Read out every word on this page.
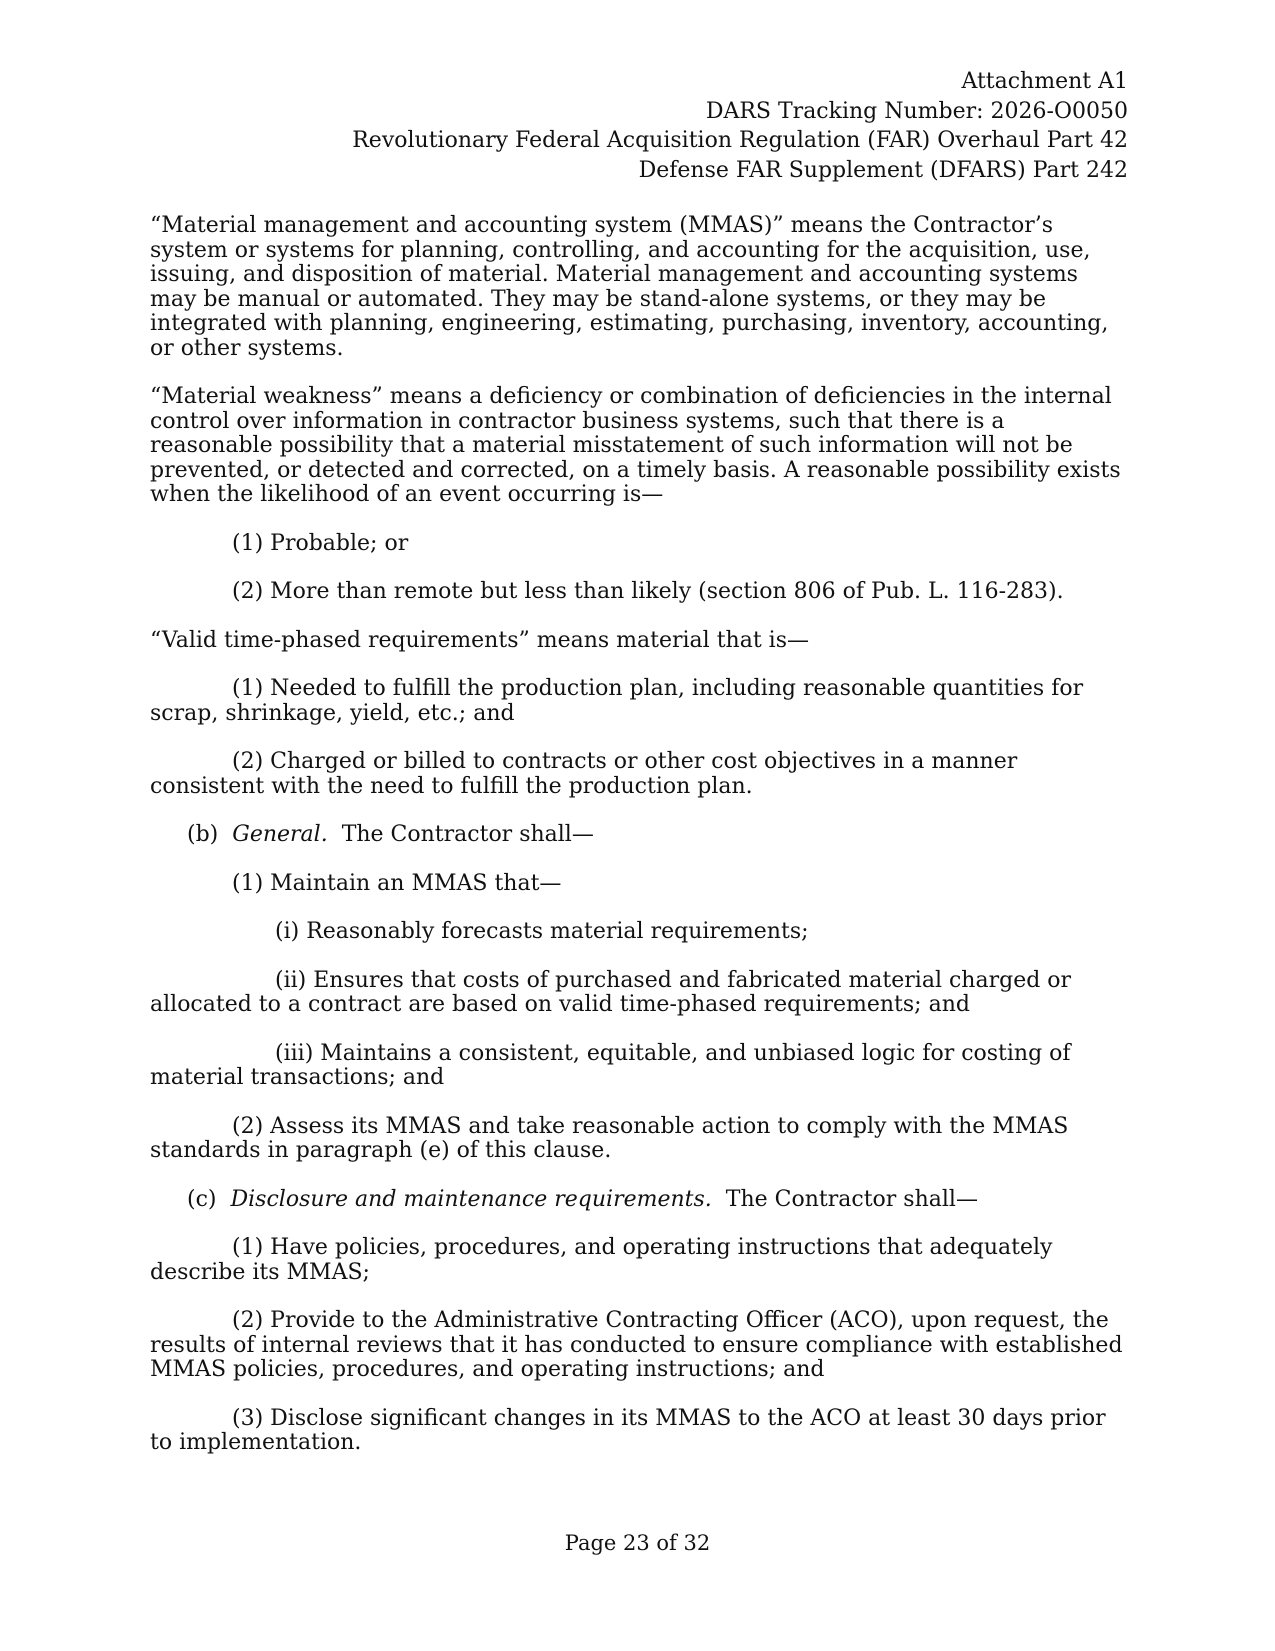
Attachment A1
DARS Tracking Number: 2026-O0050
Revolutionary Federal Acquisition Regulation (FAR) Overhaul Part 42
Defense FAR Supplement (DFARS) Part 242

“Material management and accounting system (MMAS)” means the Contractor’s system or systems for planning, controlling, and accounting for the acquisition, use, issuing, and disposition of material. Material management and accounting systems may be manual or automated. They may be stand-alone systems, or they may be integrated with planning, engineering, estimating, purchasing, inventory, accounting, or other systems.

“Material weakness” means a deficiency or combination of deficiencies in the internal control over information in contractor business systems, such that there is a reasonable possibility that a material misstatement of such information will not be prevented, or detected and corrected, on a timely basis. A reasonable possibility exists when the likelihood of an event occurring is—

(1) Probable; or

(2) More than remote but less than likely (section 806 of Pub. L. 116-283).

“Valid time-phased requirements” means material that is—

(1) Needed to fulfill the production plan, including reasonable quantities for scrap, shrinkage, yield, etc.; and

(2) Charged or billed to contracts or other cost objectives in a manner consistent with the need to fulfill the production plan.

(b) General. The Contractor shall—

(1) Maintain an MMAS that—

(i) Reasonably forecasts material requirements;

(ii) Ensures that costs of purchased and fabricated material charged or allocated to a contract are based on valid time-phased requirements; and

(iii) Maintains a consistent, equitable, and unbiased logic for costing of material transactions; and

(2) Assess its MMAS and take reasonable action to comply with the MMAS standards in paragraph (e) of this clause.

(c) Disclosure and maintenance requirements. The Contractor shall—

(1) Have policies, procedures, and operating instructions that adequately describe its MMAS;

(2) Provide to the Administrative Contracting Officer (ACO), upon request, the results of internal reviews that it has conducted to ensure compliance with established MMAS policies, procedures, and operating instructions; and

(3) Disclose significant changes in its MMAS to the ACO at least 30 days prior to implementation.

Page 23 of 32
